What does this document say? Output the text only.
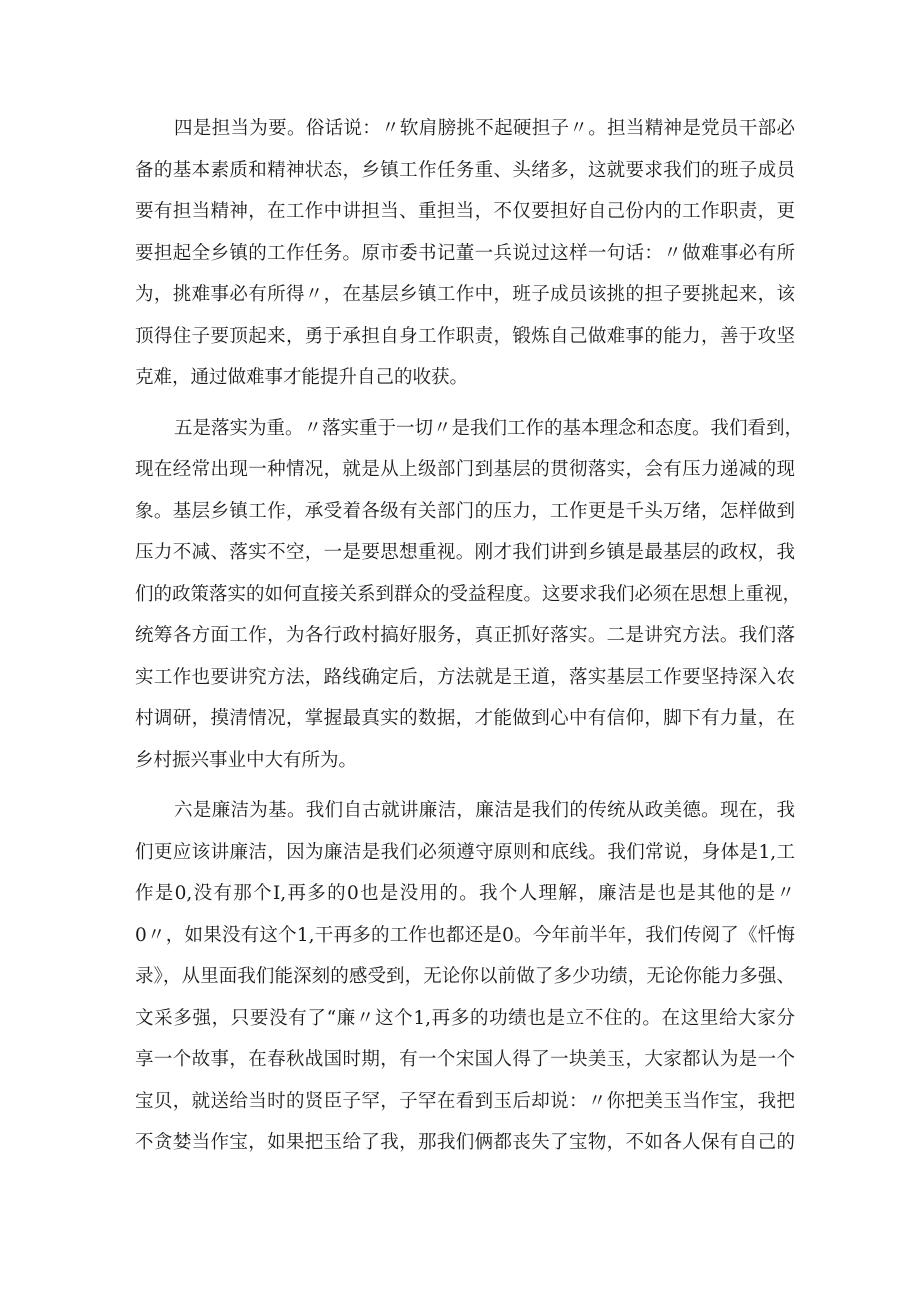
四是担当为要。俗话说：〃软肩膀挑不起硬担子〃。担当精神是党员干部必
备的基本素质和精神状态，乡镇工作任务重、头绪多，这就要求我们的班子成员
要有担当精神，在工作中讲担当、重担当，不仅要担好自己份内的工作职责，更
要担起全乡镇的工作任务。原市委书记董一兵说过这样一句话：〃做难事必有所
为，挑难事必有所得〃，在基层乡镇工作中，班子成员该挑的担子要挑起来，该
顶得住子要顶起来，勇于承担自身工作职责，锻炼自己做难事的能力，善于攻坚
克难，通过做难事才能提升自己的收获。
五是落实为重。〃落实重于一切〃是我们工作的基本理念和态度。我们看到，
现在经常出现一种情况，就是从上级部门到基层的贯彻落实，会有压力递减的现
象。基层乡镇工作，承受着各级有关部门的压力，工作更是千头万绪，怎样做到
压力不减、落实不空，一是要思想重视。刚才我们讲到乡镇是最基层的政权，我
们的政策落实的如何直接关系到群众的受益程度。这要求我们必须在思想上重视，
统筹各方面工作，为各行政村搞好服务，真正抓好落实。二是讲究方法。我们落
实工作也要讲究方法，路线确定后，方法就是王道，落实基层工作要坚持深入农
村调研，摸清情况，掌握最真实的数据，才能做到心中有信仰，脚下有力量，在
乡村振兴事业中大有所为。
六是廉洁为基。我们自古就讲廉洁，廉洁是我们的传统从政美德。现在，我
们更应该讲廉洁，因为廉洁是我们必须遵守原则和底线。我们常说，身体是1,工
作是0,没有那个I,再多的0也是没用的。我个人理解，廉洁是也是其他的是〃
0〃，如果没有这个1,干再多的工作也都还是0。今年前半年，我们传阅了《忏悔
录》，从里面我们能深刻的感受到，无论你以前做了多少功绩，无论你能力多强、
文采多强，只要没有了“廉〃这个1,再多的功绩也是立不住的。在这里给大家分
享一个故事，在春秋战国时期，有一个宋国人得了一块美玉，大家都认为是一个
宝贝，就送给当时的贤臣子罕，子罕在看到玉后却说：〃你把美玉当作宝，我把
不贪婪当作宝，如果把玉给了我，那我们俩都丧失了宝物，不如各人保有自己的
